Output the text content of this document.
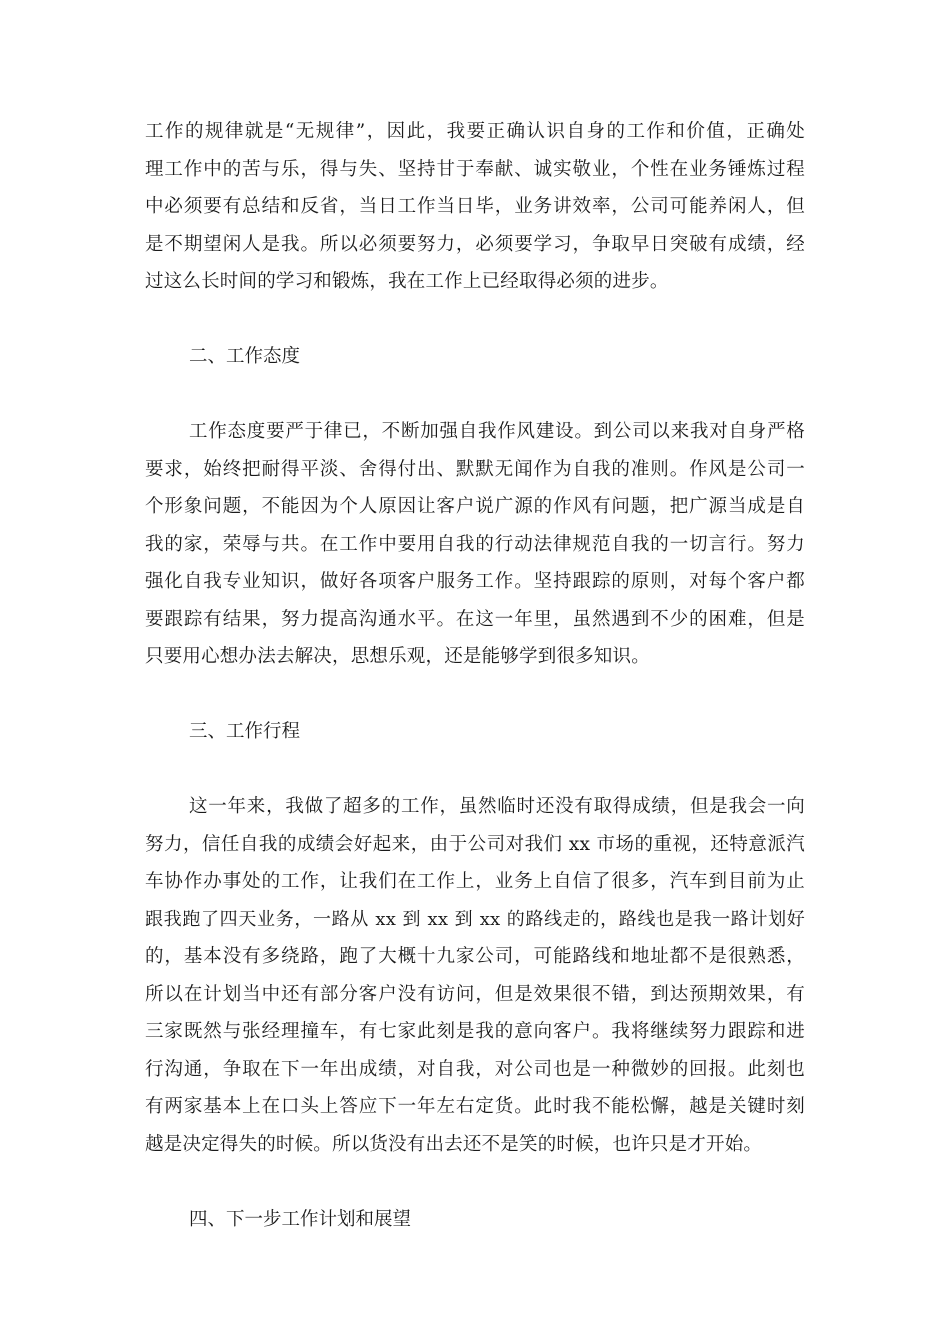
工作的规律就是“无规律”，因此，我要正确认识自身的工作和价值，正确处

理工作中的苦与乐，得与失、坚持甘于奉献、诚实敬业，个性在业务锤炼过程

中必须要有总结和反省，当日工作当日毕，业务讲效率，公司可能养闲人，但

是不期望闲人是我。所以必须要努力，必须要学习，争取早日突破有成绩，经

过这么长时间的学习和锻炼，我在工作上已经取得必须的进步。

二、工作态度

工作态度要严于律已，不断加强自我作风建设。到公司以来我对自身严格

要求，始终把耐得平淡、舍得付出、默默无闻作为自我的准则。作风是公司一

个形象问题，不能因为个人原因让客户说广源的作风有问题，把广源当成是自

我的家，荣辱与共。在工作中要用自我的行动法律规范自我的一切言行。努力

强化自我专业知识，做好各项客户服务工作。坚持跟踪的原则，对每个客户都

要跟踪有结果，努力提高沟通水平。在这一年里，虽然遇到不少的困难，但是

只要用心想办法去解决，思想乐观，还是能够学到很多知识。

三、工作行程

这一年来，我做了超多的工作，虽然临时还没有取得成绩，但是我会一向

努力，信任自我的成绩会好起来，由于公司对我们 xx 市场的重视，还特意派汽

车协作办事处的工作，让我们在工作上，业务上自信了很多，汽车到目前为止

跟我跑了四天业务，一路从 xx 到 xx 到 xx 的路线走的，路线也是我一路计划好

的，基本没有多绕路，跑了大概十九家公司，可能路线和地址都不是很熟悉，

所以在计划当中还有部分客户没有访问，但是效果很不错，到达预期效果，有

三家既然与张经理撞车，有七家此刻是我的意向客户。我将继续努力跟踪和进

行沟通，争取在下一年出成绩，对自我，对公司也是一种微妙的回报。此刻也

有两家基本上在口头上答应下一年左右定货。此时我不能松懈，越是关键时刻

越是决定得失的时候。所以货没有出去还不是笑的时候，也许只是才开始。

四、下一步工作计划和展望
